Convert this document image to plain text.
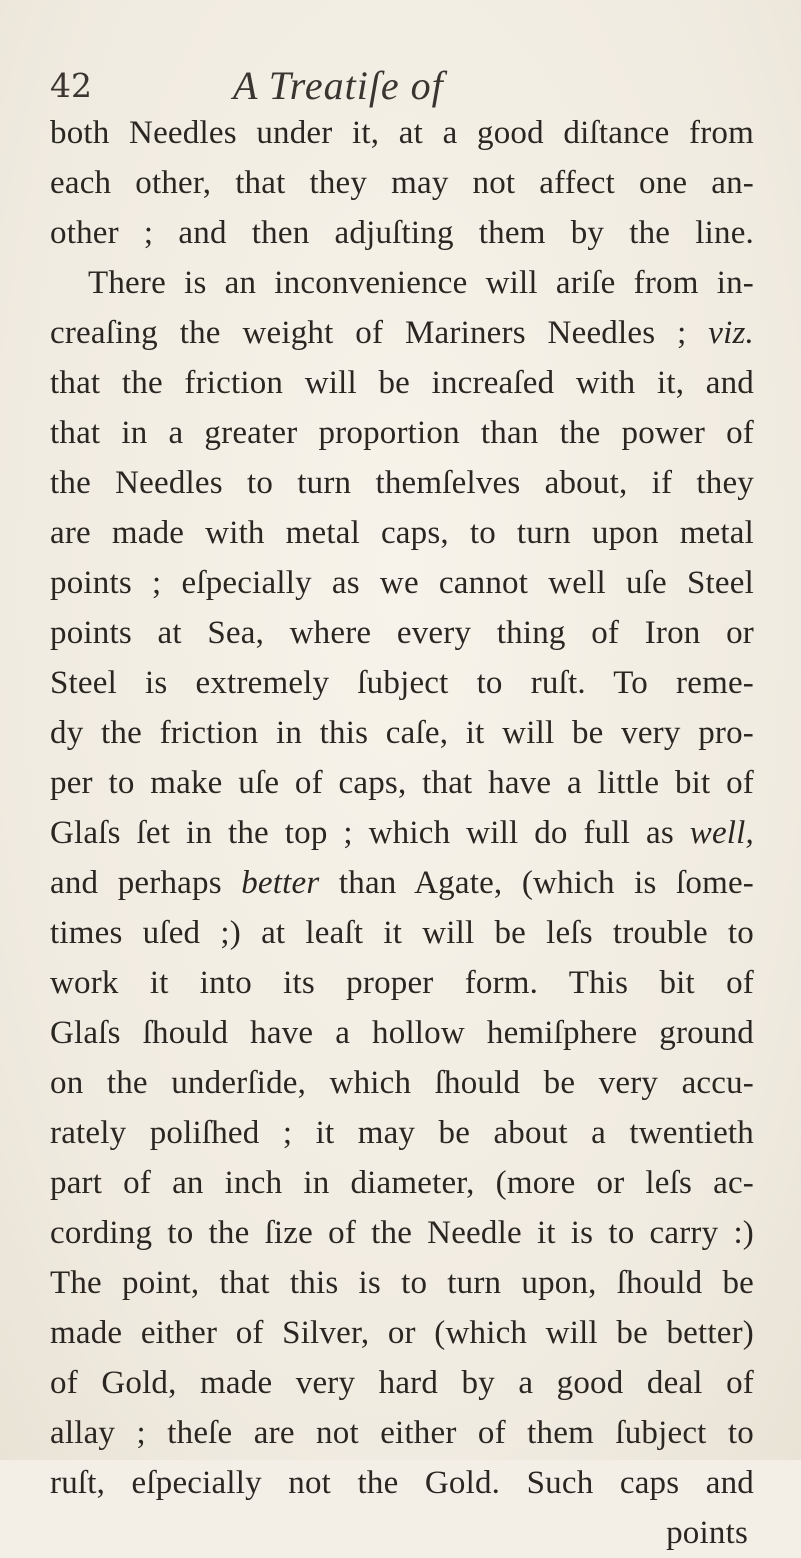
42	A Treatiſe of
both Needles under it, at a good diſtance from
each other, that they may not affect one an-
other ; and then adjuſting them by the line.
There is an inconvenience will ariſe from in-
creaſing the weight of Mariners Needles ; viz.
that the friction will be increaſed with it, and
that in a greater proportion than the power of
the Needles to turn themſelves about, if they
are made with metal caps, to turn upon metal
points ; eſpecially as we cannot well uſe Steel
points at Sea, where every thing of Iron or
Steel is extremely ſubject to ruſt. To reme-
dy the friction in this caſe, it will be very pro-
per to make uſe of caps, that have a little bit of
Glaſs ſet in the top ; which will do full as well,
and perhaps better than Agate, (which is ſome-
times uſed ;) at leaſt it will be leſs trouble to
work it into its proper form. This bit of
Glaſs ſhould have a hollow hemiſphere ground
on the underſide, which ſhould be very accu-
rately poliſhed ; it may be about a twentieth
part of an inch in diameter, (more or leſs ac-
cording to the ſize of the Needle it is to carry :)
The point, that this is to turn upon, ſhould be
made either of Silver, or (which will be better)
of Gold, made very hard by a good deal of
allay ; theſe are not either of them ſubject to
ruſt, eſpecially not the Gold. Such caps and
points
